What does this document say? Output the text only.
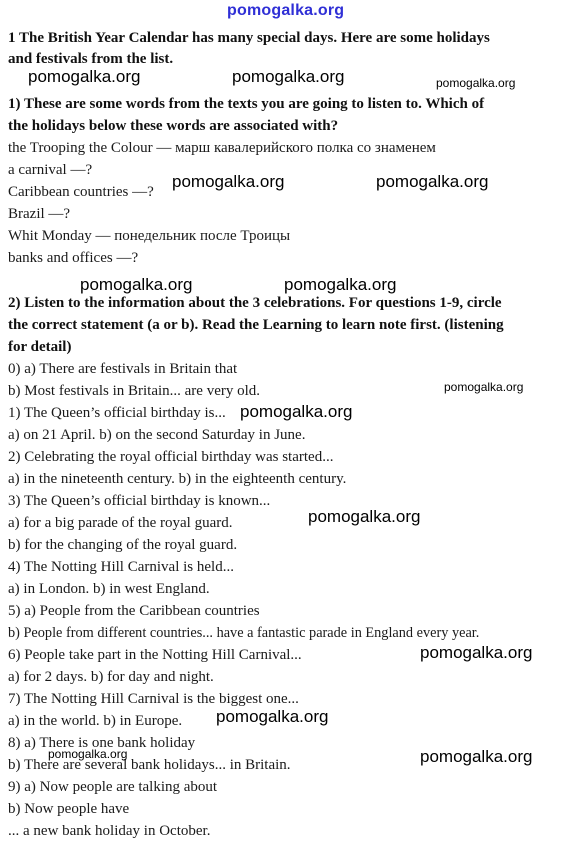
pomogalka.org
1 The British Year Calendar has many special days. Here are some holidays
and festivals from the list.
pomogalka.org	pomogalka.org	pomogalka.org
1) These are some words from the texts you are going to listen to. Which of
the holidays below these words are associated with?
the Trooping the Colour — марш кавалерийского полка со знаменем
a carnival —?
Caribbean countries —?
Brazil —?
Whit Monday — понедельник после Троицы
banks and offices —?
pomogalka.org	pomogalka.org
pomogalka.org	pomogalka.org
2) Listen to the information about the 3 celebrations. For questions 1-9, circle
the correct statement (a or b). Read the Learning to learn note first. (listening
for detail)
0) a) There are festivals in Britain that
b) Most festivals in Britain... are very old.
1) The Queen’s official birthday is...
a) on 21 April. b) on the second Saturday in June.
2) Celebrating the royal official birthday was started...
a) in the nineteenth century. b) in the eighteenth century.
3) The Queen’s official birthday is known...
a) for a big parade of the royal guard.
b) for the changing of the royal guard.
4) The Notting Hill Carnival is held...
a) in London. b) in west England.
5) a) People from the Caribbean countries
b) People from different countries... have a fantastic parade in England every year.
6) People take part in the Notting Hill Carnival...
a) for 2 days. b) for day and night.
7) The Notting Hill Carnival is the biggest one...
a) in the world. b) in Europe.
8) a) There is one bank holiday
b) There are several bank holidays... in Britain.
9) a) Now people are talking about
b) Now people have
... a new bank holiday in October.
pomogalka.org
pomogalka.org
pomogalka.org
pomogalka.org
pomogalka.org
pomogalka.org	pomogalka.org
